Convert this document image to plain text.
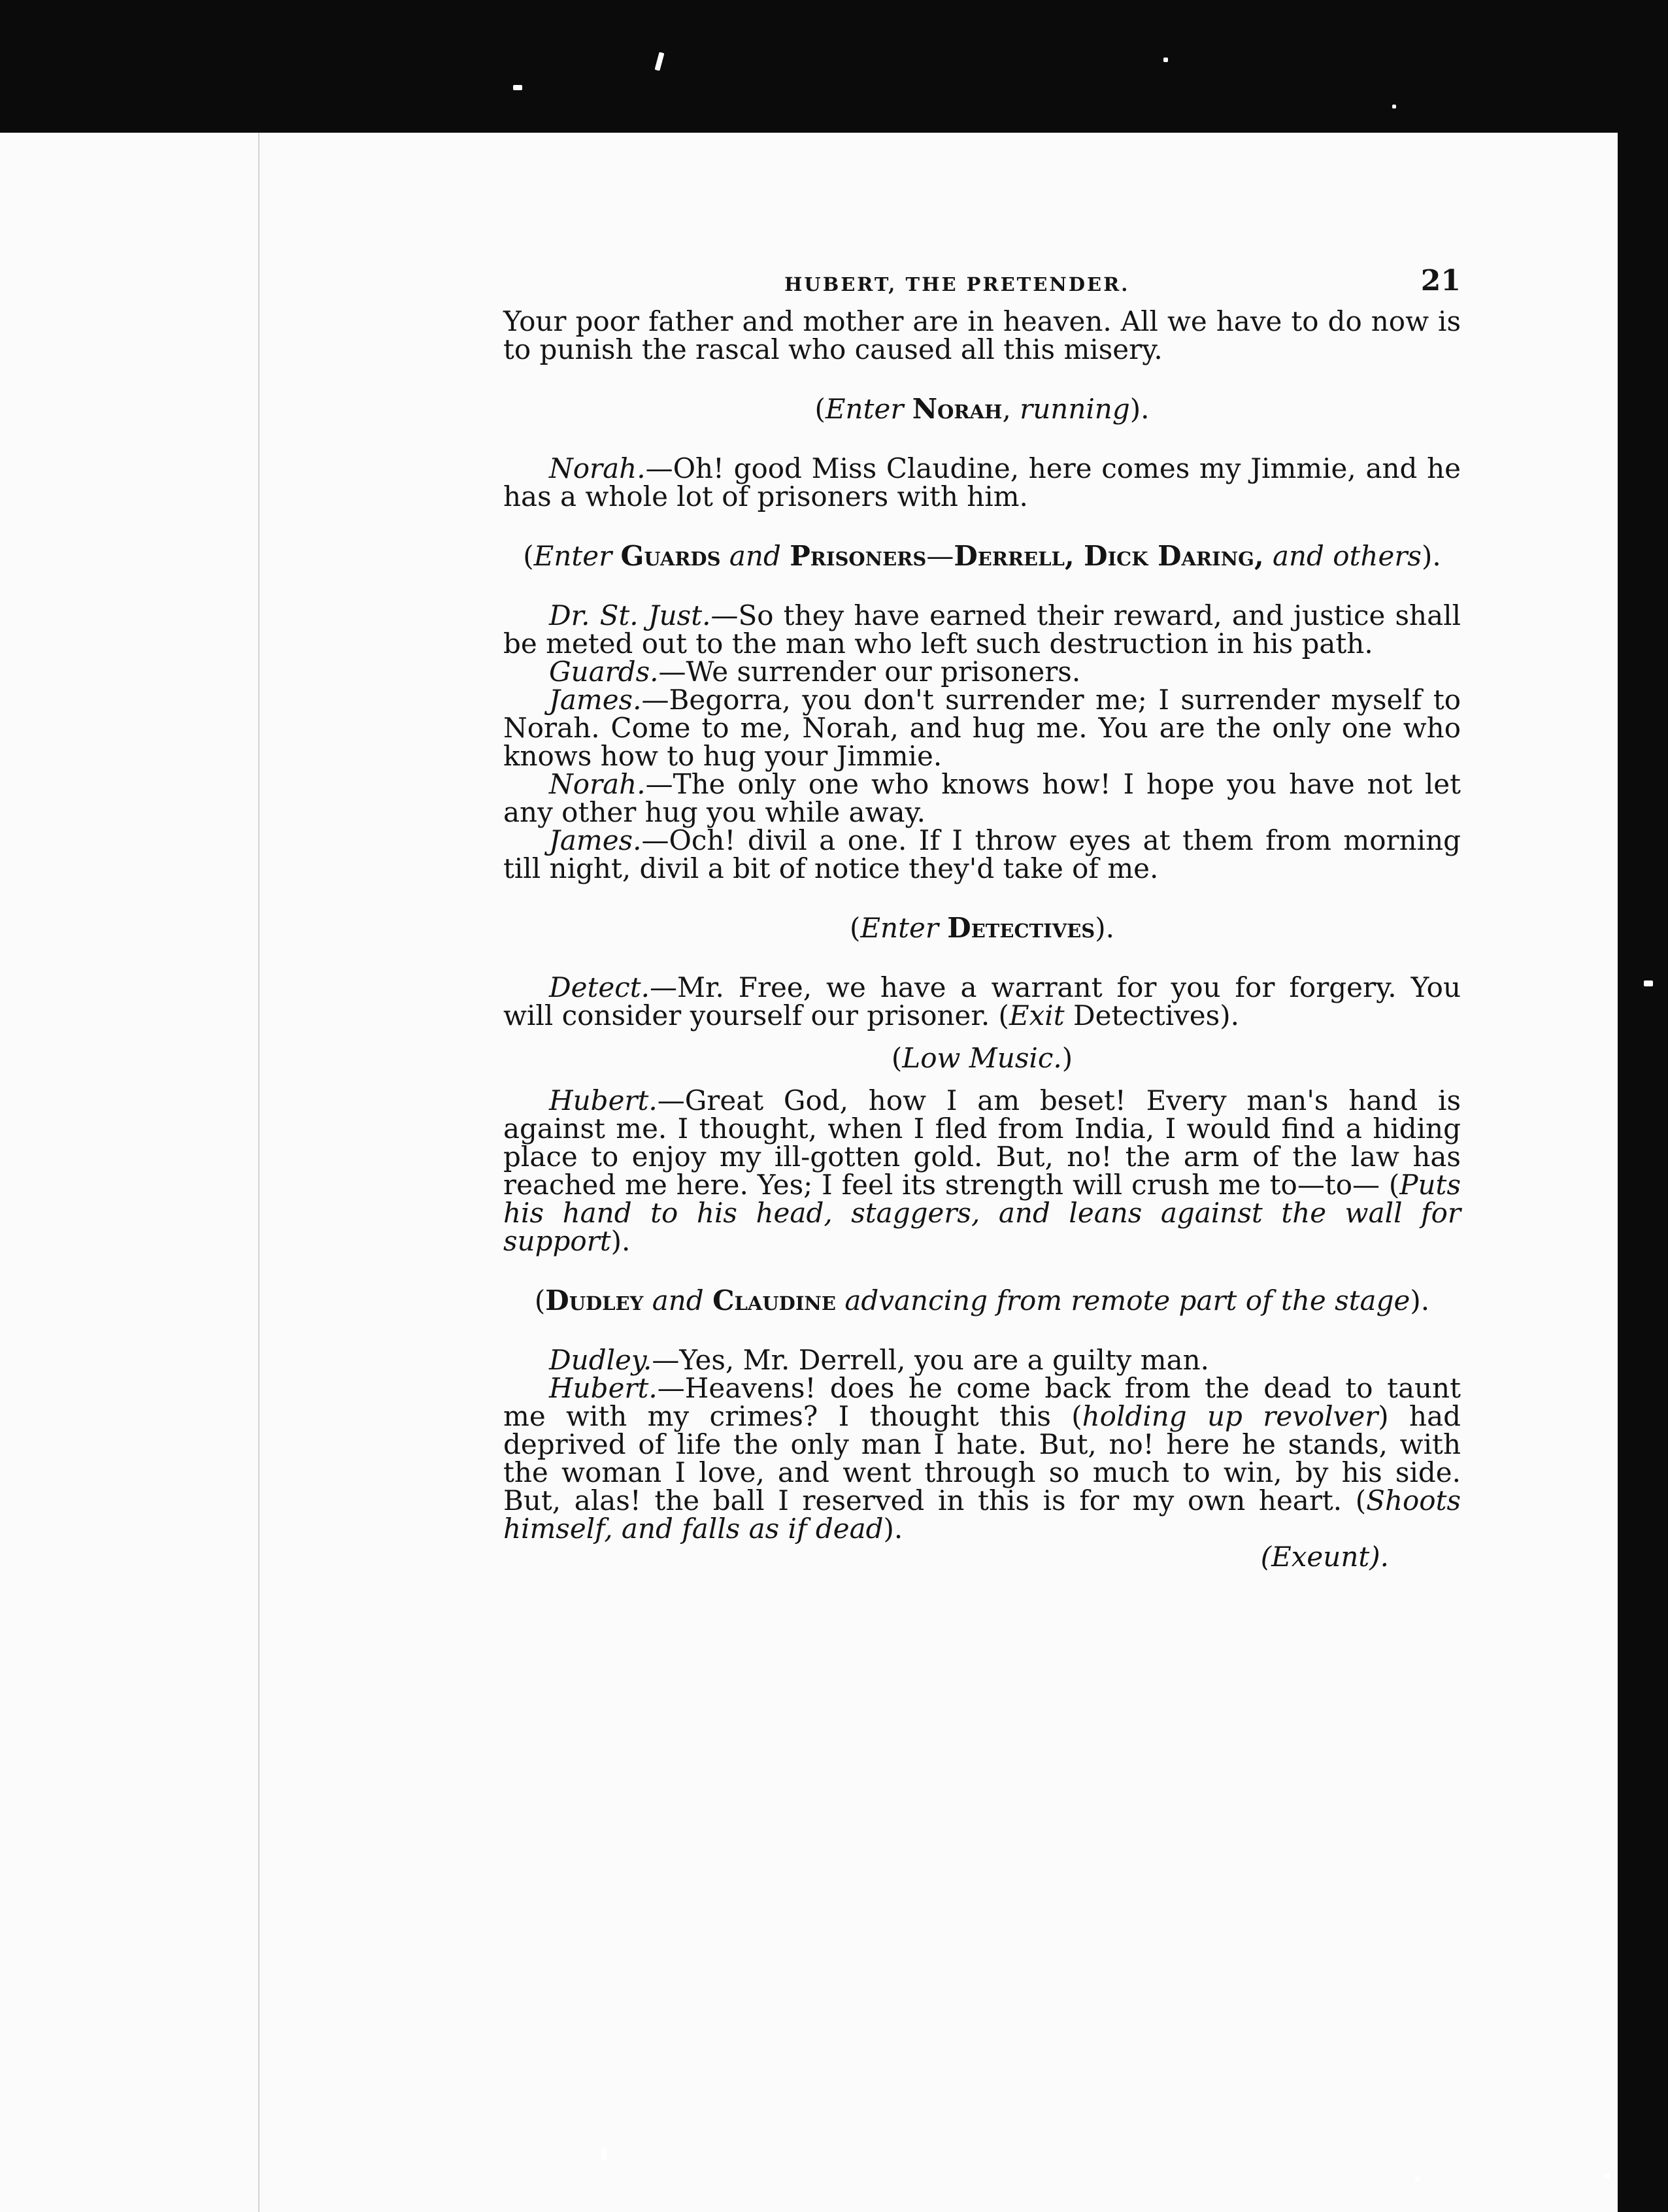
HUBERT, THE PRETENDER.	21

Your poor father and mother are in heaven. All we have to do now is to punish the rascal who caused all this misery.

(Enter Norah, running).

Norah.—Oh! good Miss Claudine, here comes my Jimmie, and he has a whole lot of prisoners with him.

(Enter Guards and Prisoners—Derrell, Dick Daring, and others).

Dr. St. Just.—So they have earned their reward, and justice shall be meted out to the man who left such destruction in his path.

Guards.—We surrender our prisoners.

James.—Begorra, you don't surrender me; I surrender myself to Norah. Come to me, Norah, and hug me. You are the only one who knows how to hug your Jimmie.

Norah.—The only one who knows how! I hope you have not let any other hug you while away.

James.—Och! divil a one. If I throw eyes at them from morning till night, divil a bit of notice they'd take of me.

(Enter Detectives).

Detect.—Mr. Free, we have a warrant for you for forgery. You will consider yourself our prisoner. (Exit Detectives).

(Low Music.)

Hubert.—Great God, how I am beset! Every man's hand is against me. I thought, when I fled from India, I would find a hiding place to enjoy my ill-gotten gold. But, no! the arm of the law has reached me here. Yes; I feel its strength will crush me to—to— (Puts his hand to his head, staggers, and leans against the wall for support).

(Dudley and Claudine advancing from remote part of the stage).

Dudley.—Yes, Mr. Derrell, you are a guilty man.

Hubert.—Heavens! does he come back from the dead to taunt me with my crimes? I thought this (holding up revolver) had deprived of life the only man I hate. But, no! here he stands, with the woman I love, and went through so much to win, by his side. But, alas! the ball I reserved in this is for my own heart. (Shoots himself, and falls as if dead).

(Exeunt).
